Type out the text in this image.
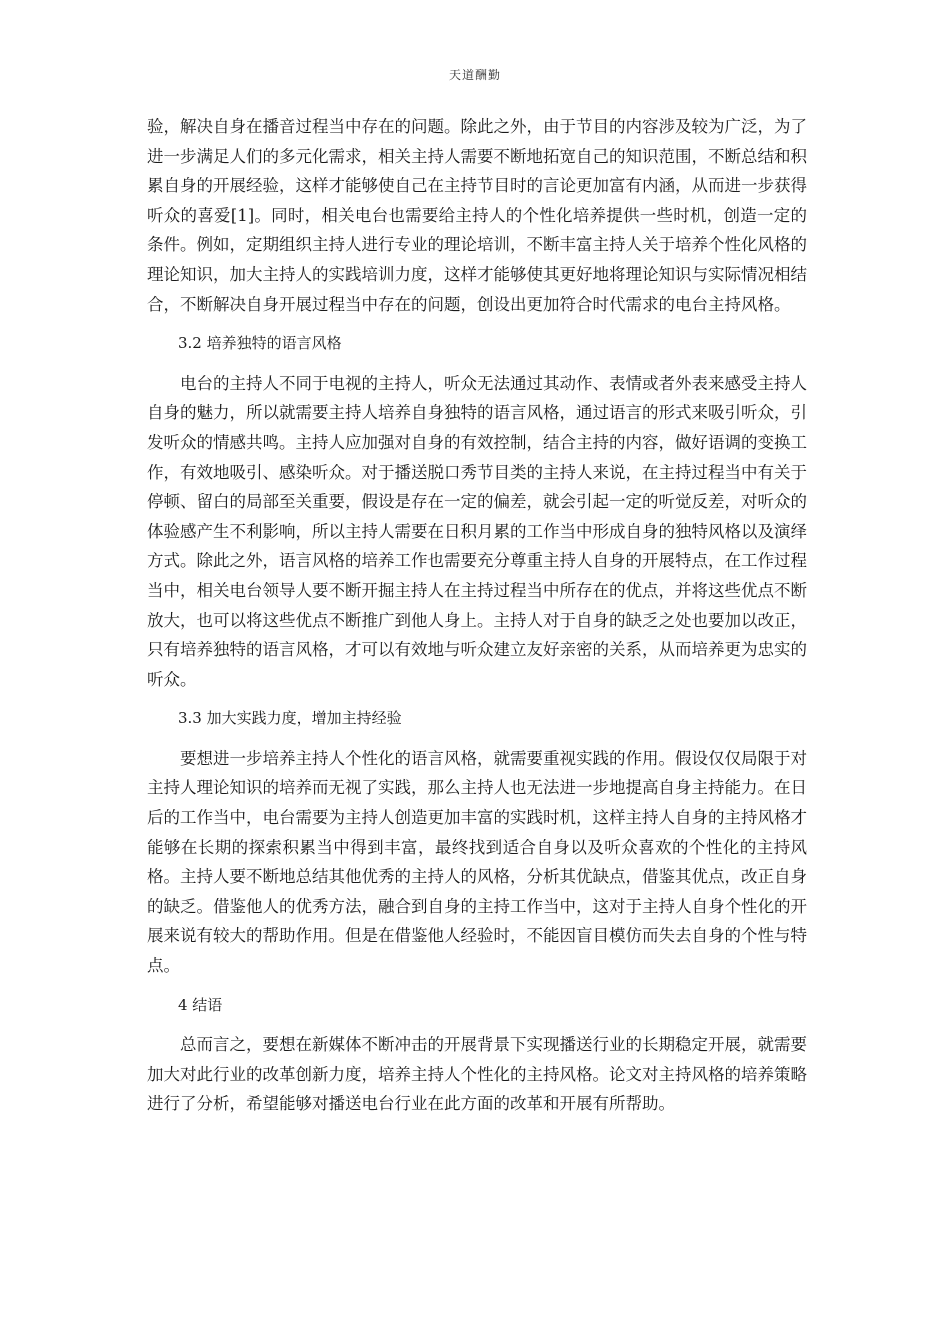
天道酬勤

验，解决自身在播音过程当中存在的问题。除此之外，由于节目的内容涉及较为广泛，为了进一步满足人们的多元化需求，相关主持人需要不断地拓宽自己的知识范围，不断总结和积累自身的开展经验，这样才能够使自己在主持节目时的言论更加富有内涵，从而进一步获得听众的喜爱[1]。同时，相关电台也需要给主持人的个性化培养提供一些时机，创造一定的条件。例如，定期组织主持人进行专业的理论培训，不断丰富主持人关于培养个性化风格的理论知识，加大主持人的实践培训力度，这样才能够使其更好地将理论知识与实际情况相结合，不断解决自身开展过程当中存在的问题，创设出更加符合时代需求的电台主持风格。

3.2 培养独特的语言风格

电台的主持人不同于电视的主持人，听众无法通过其动作、表情或者外表来感受主持人自身的魅力，所以就需要主持人培养自身独特的语言风格，通过语言的形式来吸引听众，引发听众的情感共鸣。主持人应加强对自身的有效控制，结合主持的内容，做好语调的变换工作，有效地吸引、感染听众。对于播送脱口秀节目类的主持人来说，在主持过程当中有关于停顿、留白的局部至关重要，假设是存在一定的偏差，就会引起一定的听觉反差，对听众的体验感产生不利影响，所以主持人需要在日积月累的工作当中形成自身的独特风格以及演绎方式。除此之外，语言风格的培养工作也需要充分尊重主持人自身的开展特点，在工作过程当中，相关电台领导人要不断开掘主持人在主持过程当中所存在的优点，并将这些优点不断放大，也可以将这些优点不断推广到他人身上。主持人对于自身的缺乏之处也要加以改正，只有培养独特的语言风格，才可以有效地与听众建立友好亲密的关系，从而培养更为忠实的听众。

3.3 加大实践力度，增加主持经验

要想进一步培养主持人个性化的语言风格，就需要重视实践的作用。假设仅仅局限于对主持人理论知识的培养而无视了实践，那么主持人也无法进一步地提高自身主持能力。在日后的工作当中，电台需要为主持人创造更加丰富的实践时机，这样主持人自身的主持风格才能够在长期的探索积累当中得到丰富，最终找到适合自身以及听众喜欢的个性化的主持风格。主持人要不断地总结其他优秀的主持人的风格，分析其优缺点，借鉴其优点，改正自身的缺乏。借鉴他人的优秀方法，融合到自身的主持工作当中，这对于主持人自身个性化的开展来说有较大的帮助作用。但是在借鉴他人经验时，不能因盲目模仿而失去自身的个性与特点。

4 结语

总而言之，要想在新媒体不断冲击的开展背景下实现播送行业的长期稳定开展，就需要加大对此行业的改革创新力度，培养主持人个性化的主持风格。论文对主持风格的培养策略进行了分析，希望能够对播送电台行业在此方面的改革和开展有所帮助。
